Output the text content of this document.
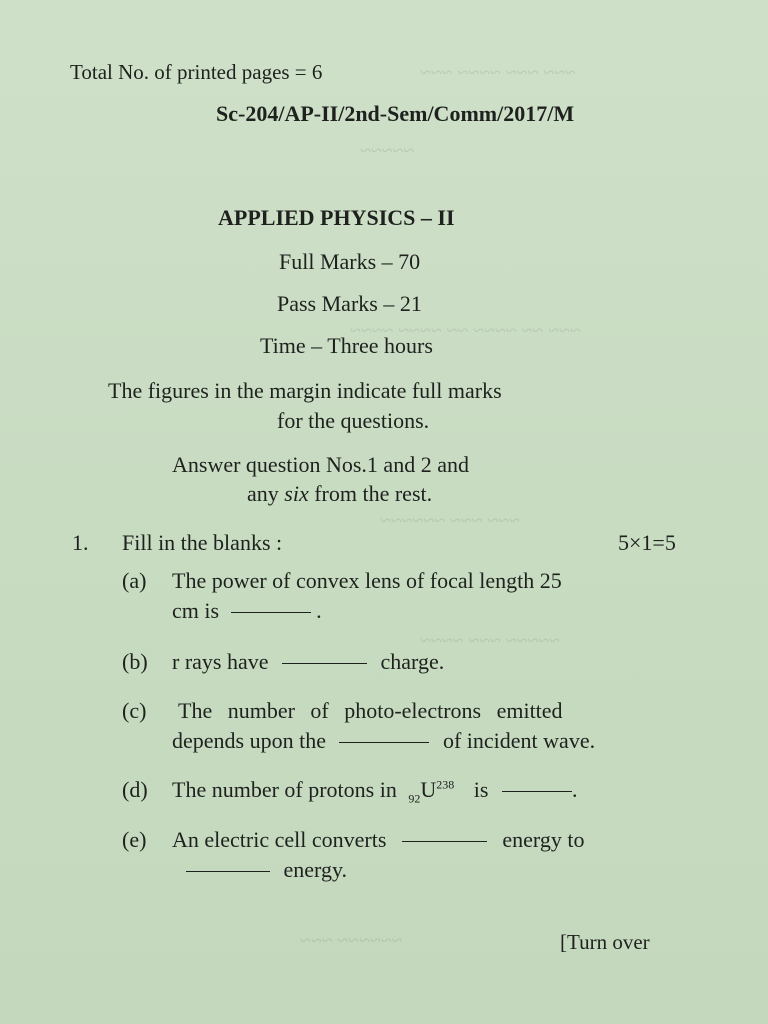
~~~ ~~~ ~~~~ ~~~
~~~~~
~~~ ~~ ~~~~ ~~ ~~~~ ~~~~
~~~ ~~~ ~~~~~~
~~~~~ ~~~ ~~~~
~~~~~~ ~~~
Total No. of printed pages = 6
Sc-204/AP-II/2nd-Sem/Comm/2017/M
APPLIED PHYSICS – II
Full Marks – 70
Pass Marks – 21
Time – Three hours
The figures in the margin indicate full marks
for the questions.
Answer question Nos.1 and 2 and
any six from the rest.
1. Fill in the blanks :	5×1=5
(a) The power of convex lens of focal length 25
cm is	.
(b) r rays have	charge.
(c) The number of photo-electrons emitted
depends upon the	of incident wave.
(d) The number of protons in $_{92}U^{238}$ is	.
(e) An electric cell converts	energy to
energy.
[Turn over
